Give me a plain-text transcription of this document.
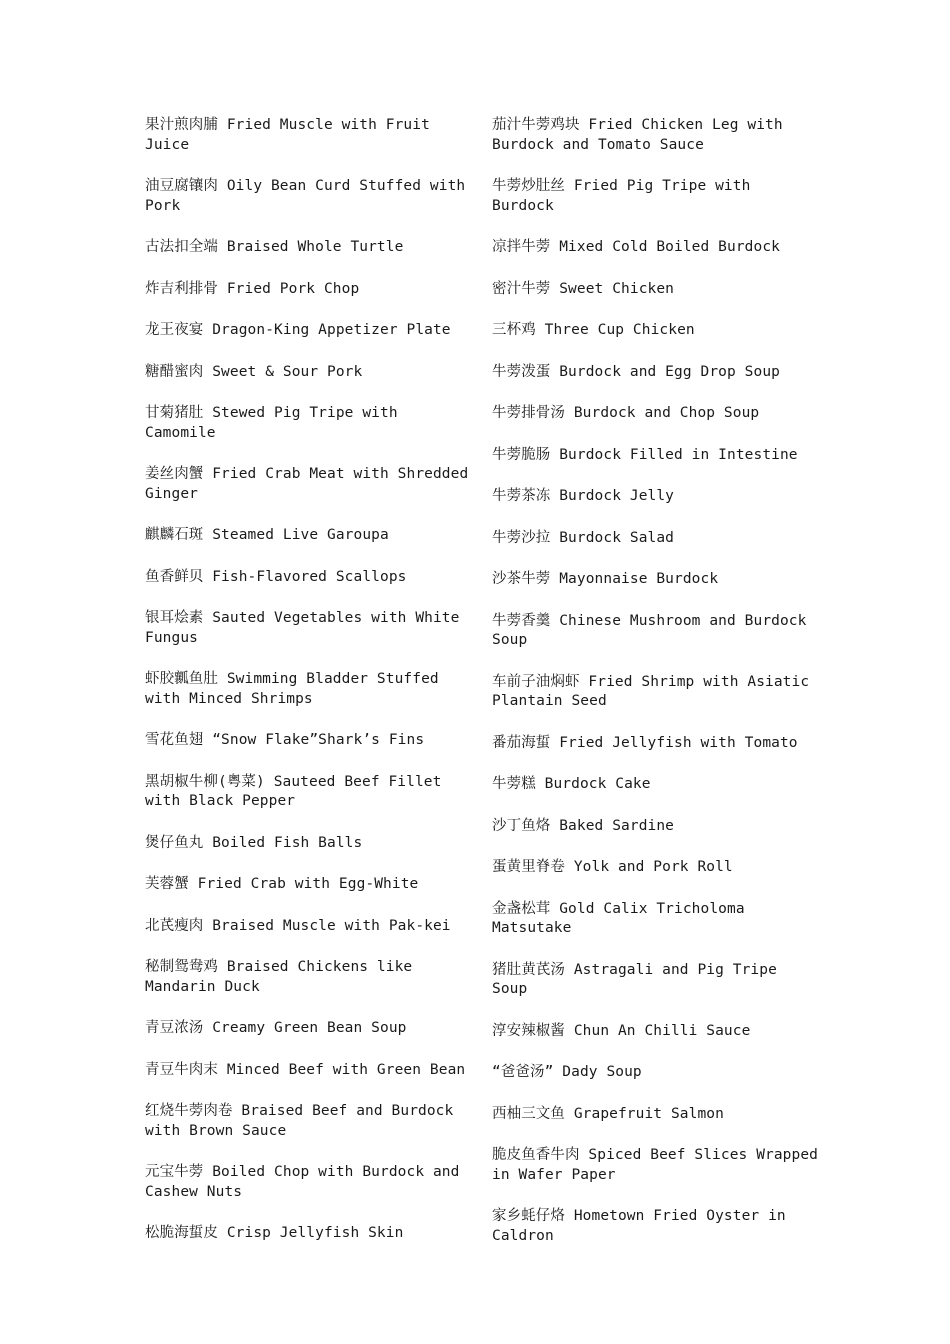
果汁煎肉脯 Fried Muscle with Fruit Juice

油豆腐镶肉 Oily Bean Curd Stuffed with Pork

古法扣全端 Braised Whole Turtle

炸吉利排骨 Fried Pork Chop

龙王夜宴 Dragon-King Appetizer Plate

糖醋蜜肉 Sweet & Sour Pork

甘菊猪肚 Stewed Pig Tripe with Camomile

姜丝肉蟹 Fried Crab Meat with Shredded Ginger

麒麟石斑 Steamed Live Garoupa

鱼香鲜贝 Fish-Flavored Scallops

银耳烩素 Sauted Vegetables with White Fungus

虾胶瓤鱼肚 Swimming Bladder Stuffed with Minced Shrimps

雪花鱼翅 “Snow Flake”Shark’s Fins

黑胡椒牛柳(粤菜) Sauteed Beef Fillet with Black Pepper

煲仔鱼丸 Boiled Fish Balls

芙蓉蟹 Fried Crab with Egg-White

北芪瘦肉 Braised Muscle with Pak-kei

秘制鸳鸯鸡 Braised Chickens like Mandarin Duck

青豆浓汤 Creamy Green Bean Soup

青豆牛肉末 Minced Beef with Green Bean

红烧牛蒡肉卷 Braised Beef and Burdock with Brown Sauce

元宝牛蒡 Boiled Chop with Burdock and Cashew Nuts

松脆海蜇皮 Crisp Jellyfish Skin

茄汁牛蒡鸡块 Fried Chicken Leg with Burdock and Tomato Sauce

牛蒡炒肚丝 Fried Pig Tripe with Burdock

凉拌牛蒡 Mixed Cold Boiled Burdock

密汁牛蒡 Sweet Chicken

三杯鸡 Three Cup Chicken

牛蒡泼蛋 Burdock and Egg Drop Soup

牛蒡排骨汤 Burdock and Chop Soup

牛蒡脆肠 Burdock Filled in Intestine

牛蒡茶冻 Burdock Jelly

牛蒡沙拉 Burdock Salad

沙茶牛蒡 Mayonnaise Burdock

牛蒡香羹 Chinese Mushroom and Burdock Soup

车前子油焖虾 Fried Shrimp with Asiatic Plantain Seed

番茄海蜇 Fried Jellyfish with Tomato

牛蒡糕 Burdock Cake

沙丁鱼烙 Baked Sardine

蛋黄里脊卷 Yolk and Pork Roll

金盏松茸 Gold Calix Tricholoma Matsutake

猪肚黄芪汤 Astragali and Pig Tripe Soup

淳安辣椒酱 Chun An Chilli Sauce

“爸爸汤” Dady Soup

西柚三文鱼 Grapefruit Salmon

脆皮鱼香牛肉 Spiced Beef Slices Wrapped in Wafer Paper

家乡蚝仔烙 Hometown Fried Oyster in Caldron
